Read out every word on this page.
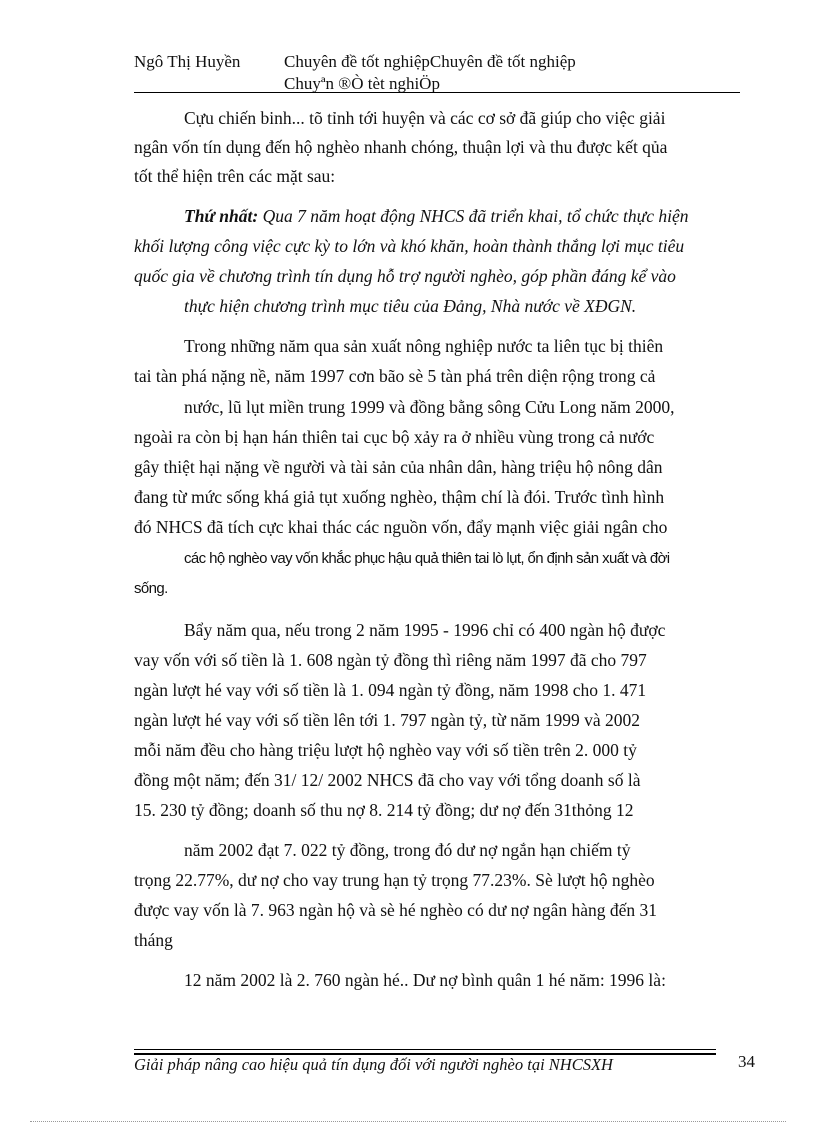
Ngô Thị Huyền	Chuyên đề tốt nghiệpChuyên đề tốt nghiệp
Chuyªn ®Ò tèt nghiÖp
Cựu chiến binh... tõ tỉnh tới huyện và các cơ sở đã giúp cho việc giải
ngân vốn tín dụng đến hộ nghèo nhanh chóng, thuận lợi và thu được kết qủa
tốt thể hiện trên các mặt sau:
Thứ nhất: Qua 7 năm hoạt động NHCS đã triển khai, tổ chức thực hiện
khối lượng công việc cực kỳ to lớn và khó khăn, hoàn thành thắng lợi mục tiêu
quốc gia về chương trình tín dụng hỗ trợ người nghèo, góp phần đáng kể vào
thực hiện chương trình mục tiêu của Đảng, Nhà nước về XĐGN.
Trong những năm qua sản xuất nông nghiệp nước ta liên tục bị thiên
tai tàn phá nặng nề, năm 1997 cơn bão sè 5 tàn phá trên diện rộng trong cả
nước, lũ lụt miền trung 1999 và đồng bằng sông Cửu Long năm 2000,
ngoài ra còn bị hạn hán thiên tai cục bộ xảy ra ở nhiều vùng trong cả nước
gây thiệt hại nặng về người và tài sản của nhân dân, hàng triệu hộ nông dân
đang từ mức sống khá giả tụt xuống nghèo, thậm chí là đói. Trước tình hình
đó NHCS đã tích cực khai thác các nguồn vốn, đẩy mạnh việc giải ngân cho
các hộ nghèo vay vốn khắc phục hậu quả thiên tai lò lụt, ổn định sản xuất và đời
sống.
Bẩy năm qua, nếu trong 2 năm 1995 - 1996 chỉ có 400 ngàn hộ được
vay vốn với số tiền là 1. 608 ngàn tỷ đồng thì riêng năm 1997 đã cho 797
ngàn lượt hé vay với số tiền là 1. 094 ngàn tỷ đồng, năm 1998 cho 1. 471
ngàn lượt hé vay với số tiền lên tới 1. 797 ngàn tỷ, từ năm 1999 và 2002
mỗi năm đều cho hàng triệu lượt hộ nghèo vay với số tiền trên 2. 000 tỷ
đồng một năm; đến 31/ 12/ 2002 NHCS đã cho vay với tổng doanh số là
15. 230 tỷ đồng; doanh số thu nợ 8. 214 tỷ đồng; dư nợ đến 31thỏng 12
năm 2002 đạt 7. 022 tỷ đồng, trong đó dư nợ ngắn hạn chiếm tỷ
trọng 22.77%, dư nợ cho vay trung hạn tỷ trọng 77.23%. Sè lượt hộ nghèo
được vay vốn là 7. 963 ngàn hộ và sè hé nghèo có dư nợ ngân hàng đến 31
tháng
12 năm 2002 là 2. 760 ngàn hé.. Dư nợ bình quân 1 hé năm: 1996 là:
Giải pháp nâng cao hiệu quả tín dụng đối với người nghèo tại NHCSXH	34
